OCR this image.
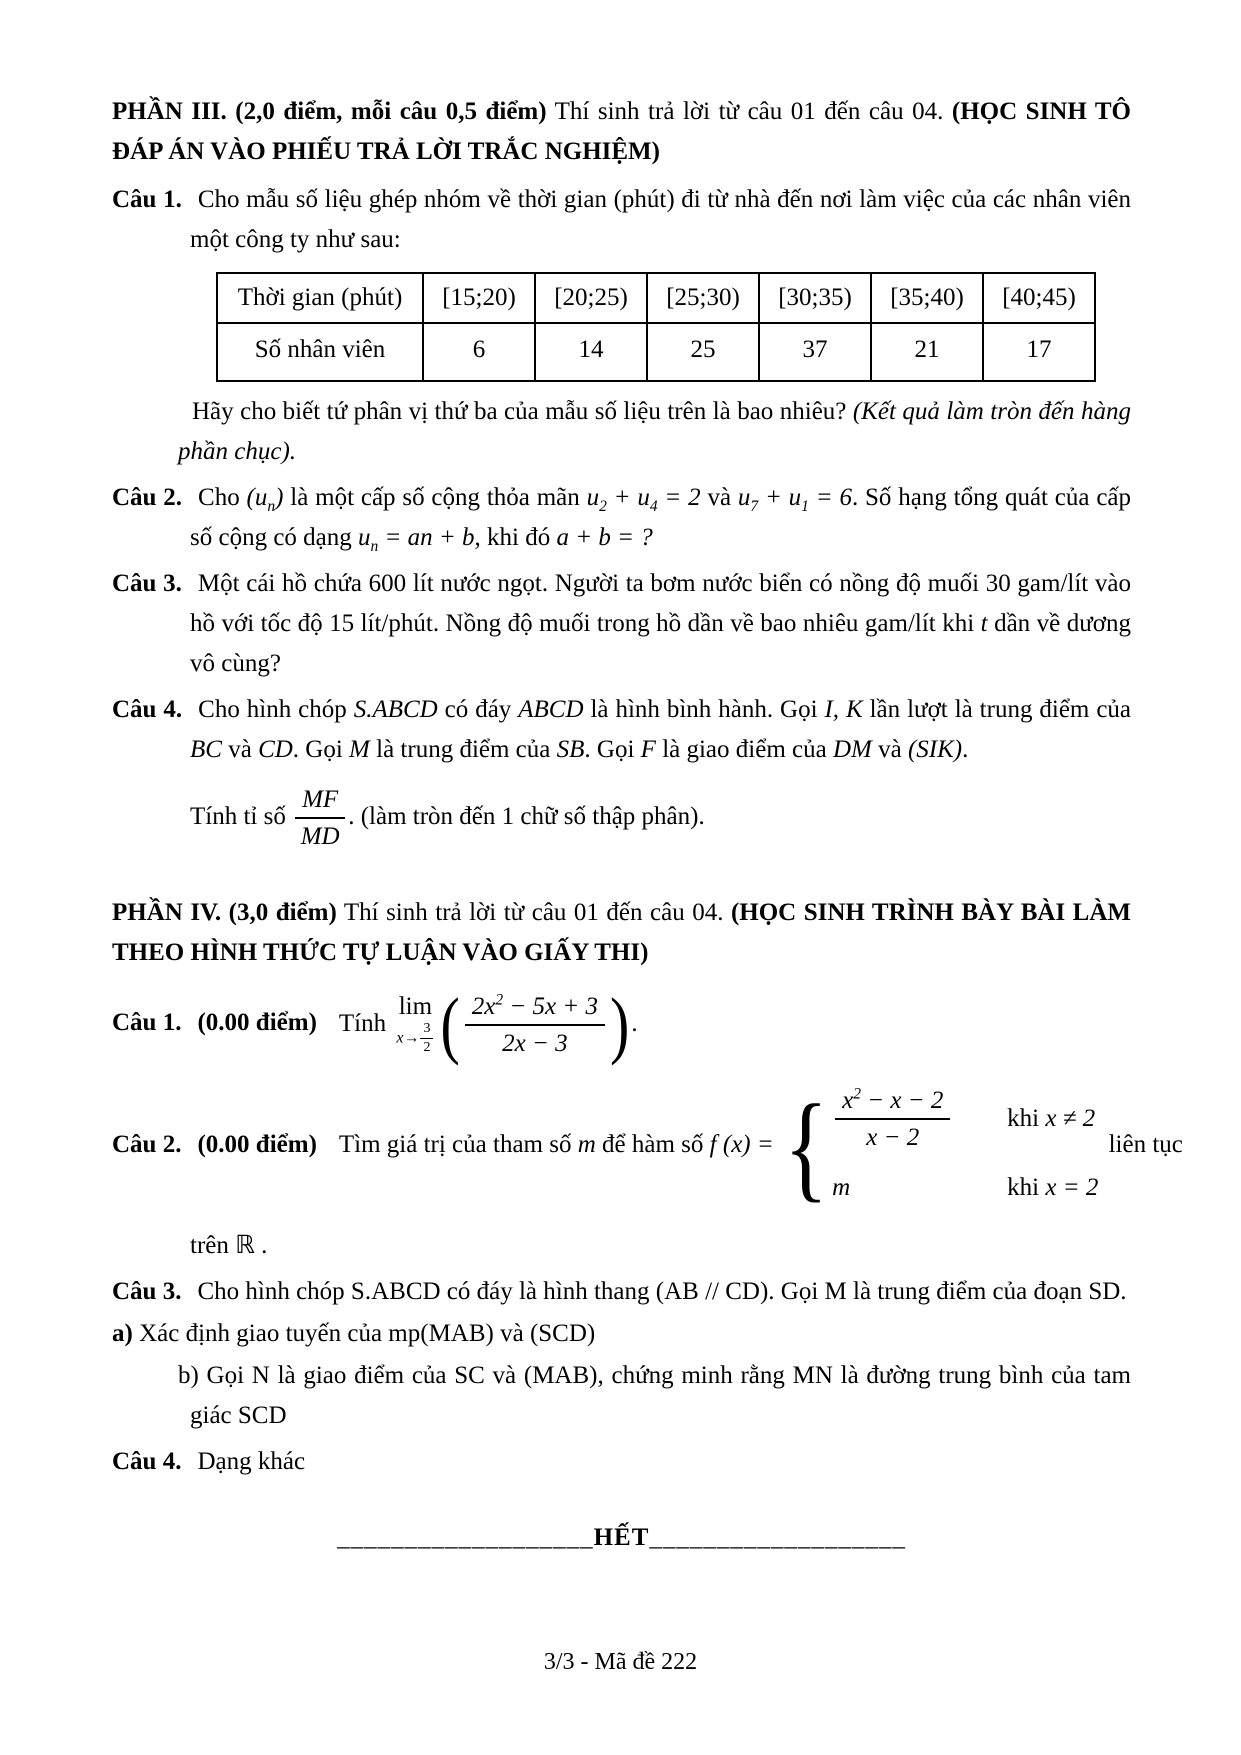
PHẦN III. (2,0 điểm, mỗi câu 0,5 điểm) Thí sinh trả lời từ câu 01 đến câu 04. (HỌC SINH TÔ ĐÁP ÁN VÀO PHIẾU TRẢ LỜI TRẮC NGHIỆM)
Câu 1. Cho mẫu số liệu ghép nhóm về thời gian (phút) đi từ nhà đến nơi làm việc của các nhân viên một công ty như sau:
Thời gian (phút)	[15;20)	[20;25)	[25;30)	[30;35)	[35;40)	[40;45)
Số nhân viên	6	14	25	37	21	17
Hãy cho biết tứ phân vị thứ ba của mẫu số liệu trên là bao nhiêu? (Kết quả làm tròn đến hàng phần chục).
Câu 2. Cho $(u_n)$ là một cấp số cộng thỏa mãn $u_2 + u_4 = 2$ và $u_7 + u_1 = 6$. Số hạng tổng quát của cấp số cộng có dạng $u_n$ = an + b, khi đó a + b = ?
Câu 3. Một cái hồ chứa 600 lít nước ngọt. Người ta bơm nước biển có nồng độ muối 30 gam/lít vào hồ với tốc độ 15 lít/phút. Nồng độ muối trong hồ dần về bao nhiêu gam/lít khi t dần về dương vô cùng?
Câu 4. Cho hình chóp S.ABCD có đáy ABCD là hình bình hành. Gọi I, K lần lượt là trung điểm của BC và CD. Gọi M là trung điểm của SB. Gọi F là giao điểm của DM và (SIK).
Tính tỉ số $\frac{MF}{MD}$ . (làm tròn đến 1 chữ số thập phân).
PHẦN IV. (3,0 điểm) Thí sinh trả lời từ câu 01 đến câu 04. (HỌC SINH TRÌNH BÀY BÀI LÀM THEO HÌNH THỨC TỰ LUẬN VÀO GIẤY THI)
Câu 1. (0.00 điểm) Tính
lim
$x\to \frac{3}{2}$ ( $\frac{2x^2 - 5x + 3}{2x - 3}$ ).
Câu 2. (0.00 điểm) Tìm giá trị của tham số m để hàm số f (x) = { $\frac{x^2 - x - 2}{x - 2}$ khi x ≠ 2
m	khi x = 2
liên tục
trên ℝ .
Câu 3. Cho hình chóp S.ABCD có đáy là hình thang (AB // CD). Gọi M là trung điểm của đoạn SD.
a) Xác định giao tuyến của mp(MAB) và (SCD)
b) Gọi N là giao điểm của SC và (MAB), chứng minh rằng MN là đường trung bình của tam giác SCD
Câu 4. Dạng khác
___________________HẾT___________________
3/3 - Mã đề 222
